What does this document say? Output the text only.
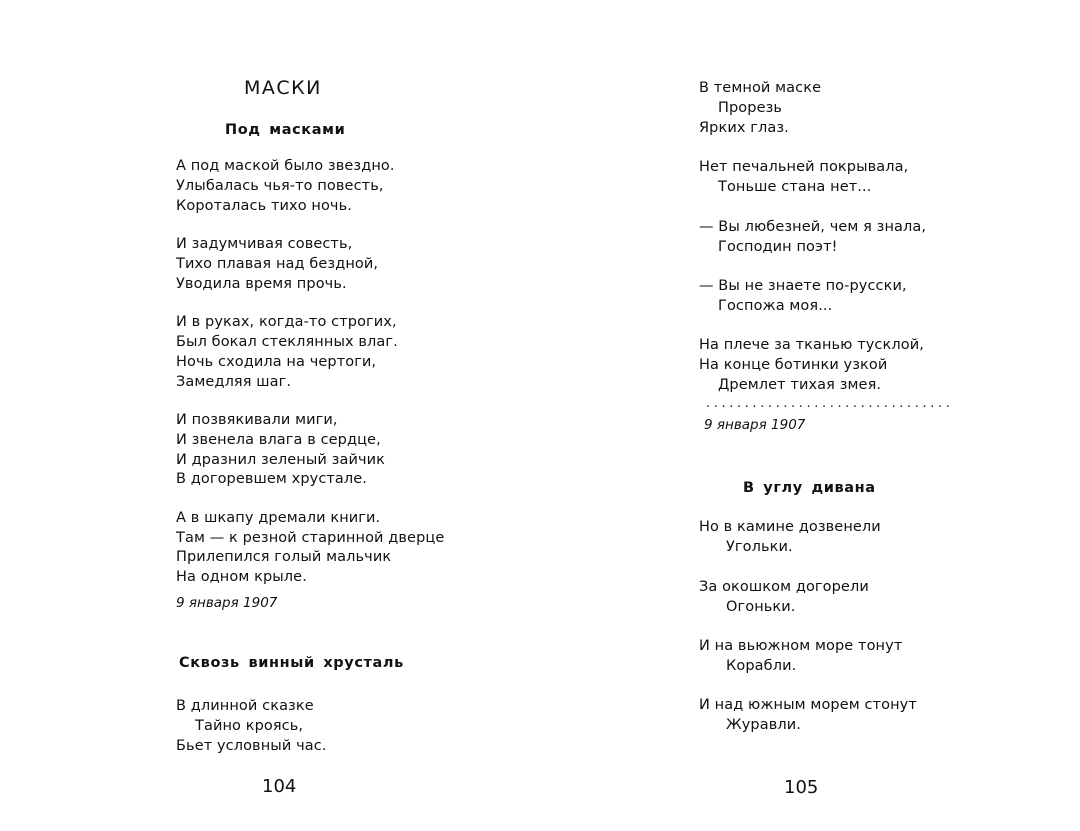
МАСКИ
Под масками
А под маской было звездно.
Улыбалась чья-то повесть,
Короталась тихо ночь.
И задумчивая совесть,
Тихо плавая над бездной,
Уводила время прочь.
И в руках, когда-то строгих,
Был бокал стеклянных влаг.
Ночь сходила на чертоги,
Замедляя шаг.
И позвякивали миги,
И звенела влага в сердце,
И дразнил зеленый зайчик
В догоревшем хрустале.
А в шкапу дремали книги.
Там — к резной старинной дверце
Прилепился голый мальчик
На одном крыле.
9 января 1907
Сквозь винный хрусталь
В длинной сказке
Тайно кроясь,
Бьет условный час.
104
В темной маске
Прорезь
Ярких глаз.
Нет печальней покрывала,
Тоньше стана нет...
— Вы любезней, чем я знала,
Господин поэт!
— Вы не знаете по-русски,
Госпожа моя...
На плече за тканью тусклой,
На конце ботинки узкой
Дремлет тихая змея.
................................
9 января 1907
В углу дивана
Но в камине дозвенели
Угольки.
За окошком догорели
Огоньки.
И на вьюжном море тонут
Корабли.
И над южным морем стонут
Журавли.
105
